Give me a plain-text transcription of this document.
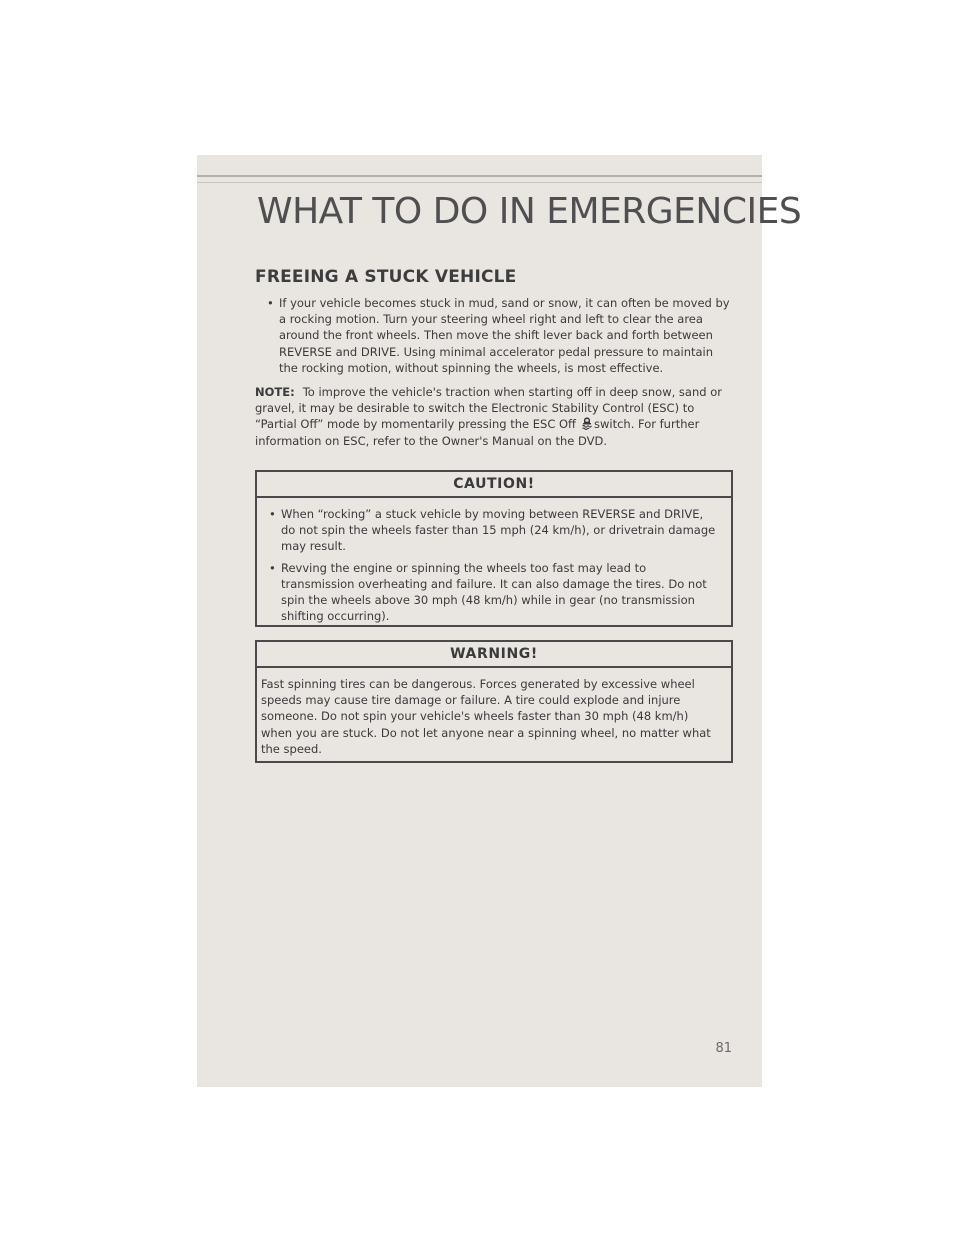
WHAT TO DO IN EMERGENCIES
FREEING A STUCK VEHICLE
• If your vehicle becomes stuck in mud, sand or snow, it can often be moved by a rocking motion. Turn your steering wheel right and left to clear the area around the front wheels. Then move the shift lever back and forth between REVERSE and DRIVE. Using minimal accelerator pedal pressure to maintain the rocking motion, without spinning the wheels, is most effective.
NOTE: To improve the vehicle's traction when starting off in deep snow, sand or gravel, it may be desirable to switch the Electronic Stability Control (ESC) to “Partial Off” mode by momentarily pressing the ESC Off switch. For further information on ESC, refer to the Owner's Manual on the DVD.
CAUTION!
• When “rocking” a stuck vehicle by moving between REVERSE and DRIVE, do not spin the wheels faster than 15 mph (24 km/h), or drivetrain damage may result.
• Revving the engine or spinning the wheels too fast may lead to transmission overheating and failure. It can also damage the tires. Do not spin the wheels above 30 mph (48 km/h) while in gear (no transmission shifting occurring).
WARNING!
Fast spinning tires can be dangerous. Forces generated by excessive wheel speeds may cause tire damage or failure. A tire could explode and injure someone. Do not spin your vehicle's wheels faster than 30 mph (48 km/h) when you are stuck. Do not let anyone near a spinning wheel, no matter what the speed.
81
